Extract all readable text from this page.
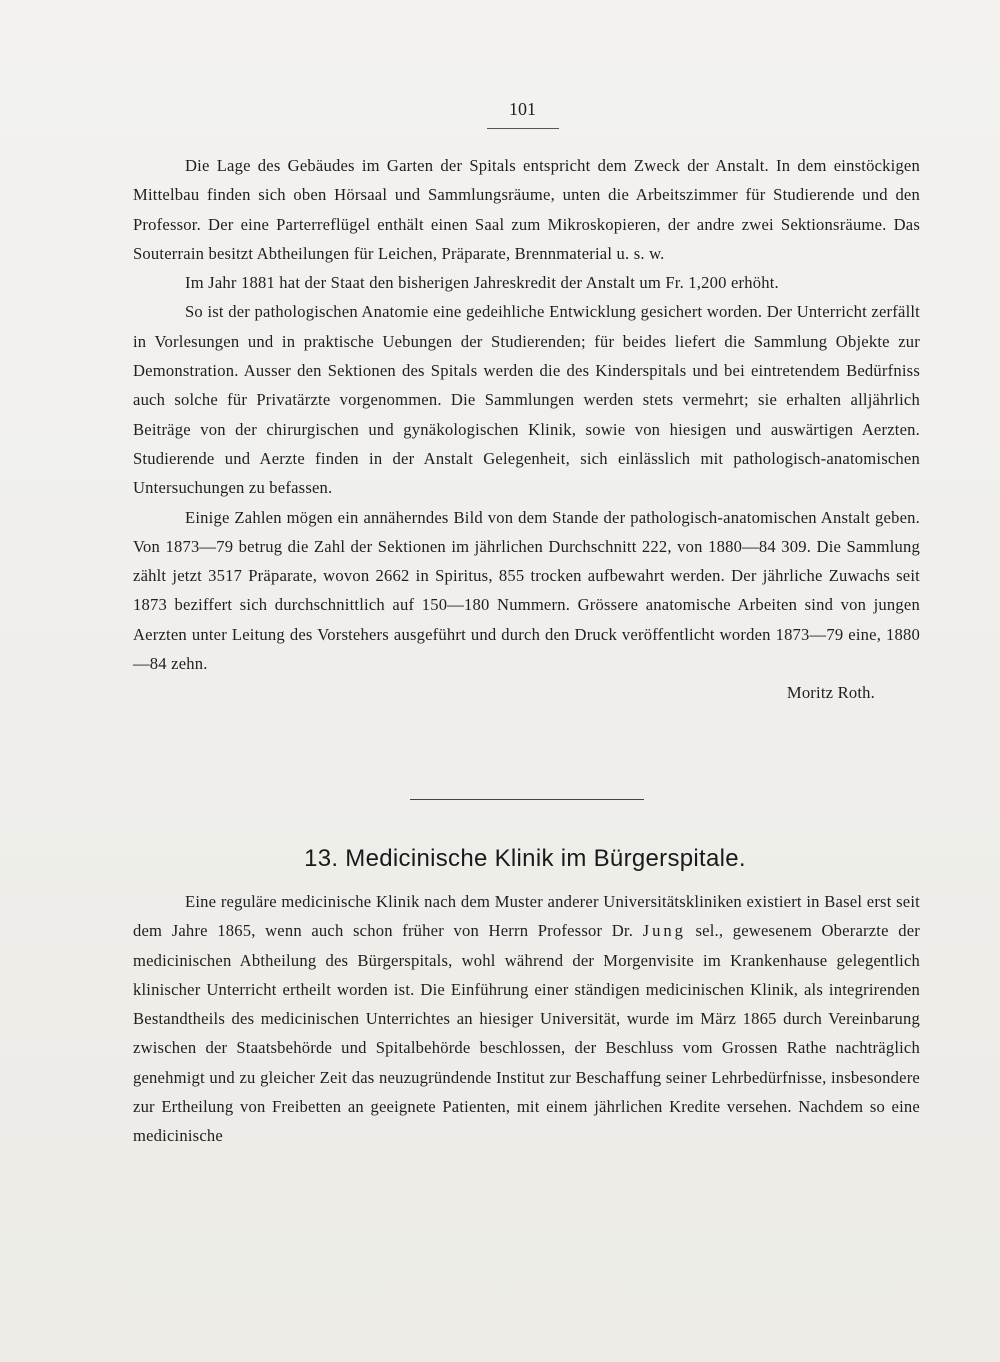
101

Die Lage des Gebäudes im Garten der Spitals entspricht dem Zweck der Anstalt. In dem einstöckigen Mittelbau finden sich oben Hörsaal und Sammlungsräume, unten die Arbeitszimmer für Studierende und den Professor. Der eine Parterreflügel enthält einen Saal zum Mikroskopieren, der andre zwei Sektionsräume. Das Souterrain besitzt Abtheilungen für Leichen, Präparate, Brennmaterial u. s. w.

Im Jahr 1881 hat der Staat den bisherigen Jahreskredit der Anstalt um Fr. 1,200 erhöht.

So ist der pathologischen Anatomie eine gedeihliche Entwicklung gesichert worden. Der Unterricht zerfällt in Vorlesungen und in praktische Uebungen der Studierenden; für beides liefert die Sammlung Objekte zur Demonstration. Ausser den Sektionen des Spitals werden die des Kinderspitals und bei eintretendem Bedürfniss auch solche für Privatärzte vorgenommen. Die Sammlungen werden stets vermehrt; sie erhalten alljährlich Beiträge von der chirurgischen und gynäkologischen Klinik, sowie von hiesigen und auswärtigen Aerzten. Studierende und Aerzte finden in der Anstalt Gelegenheit, sich einlässlich mit pathologisch-anatomischen Untersuchungen zu befassen.

Einige Zahlen mögen ein annäherndes Bild von dem Stande der pathologisch-anatomischen Anstalt geben. Von 1873—79 betrug die Zahl der Sektionen im jährlichen Durchschnitt 222, von 1880—84 309. Die Sammlung zählt jetzt 3517 Präparate, wovon 2662 in Spiritus, 855 trocken aufbewahrt werden. Der jährliche Zuwachs seit 1873 beziffert sich durchschnittlich auf 150—180 Nummern. Grössere anatomische Arbeiten sind von jungen Aerzten unter Leitung des Vorstehers ausgeführt und durch den Druck veröffentlicht worden 1873—79 eine, 1880—84 zehn.

Moritz Roth.

13. Medicinische Klinik im Bürgerspitale.

Eine reguläre medicinische Klinik nach dem Muster anderer Universitätskliniken existiert in Basel erst seit dem Jahre 1865, wenn auch schon früher von Herrn Professor Dr. Jung sel., gewesenem Oberarzte der medicinischen Abtheilung des Bürgerspitals, wohl während der Morgenvisite im Krankenhause gelegentlich klinischer Unterricht ertheilt worden ist. Die Einführung einer ständigen medicinischen Klinik, als integrirenden Bestandtheils des medicinischen Unterrichtes an hiesiger Universität, wurde im März 1865 durch Vereinbarung zwischen der Staatsbehörde und Spitalbehörde beschlossen, der Beschluss vom Grossen Rathe nachträglich genehmigt und zu gleicher Zeit das neuzugründende Institut zur Beschaffung seiner Lehrbedürfnisse, insbesondere zur Ertheilung von Freibetten an geeignete Patienten, mit einem jährlichen Kredite versehen. Nachdem so eine medicinische
